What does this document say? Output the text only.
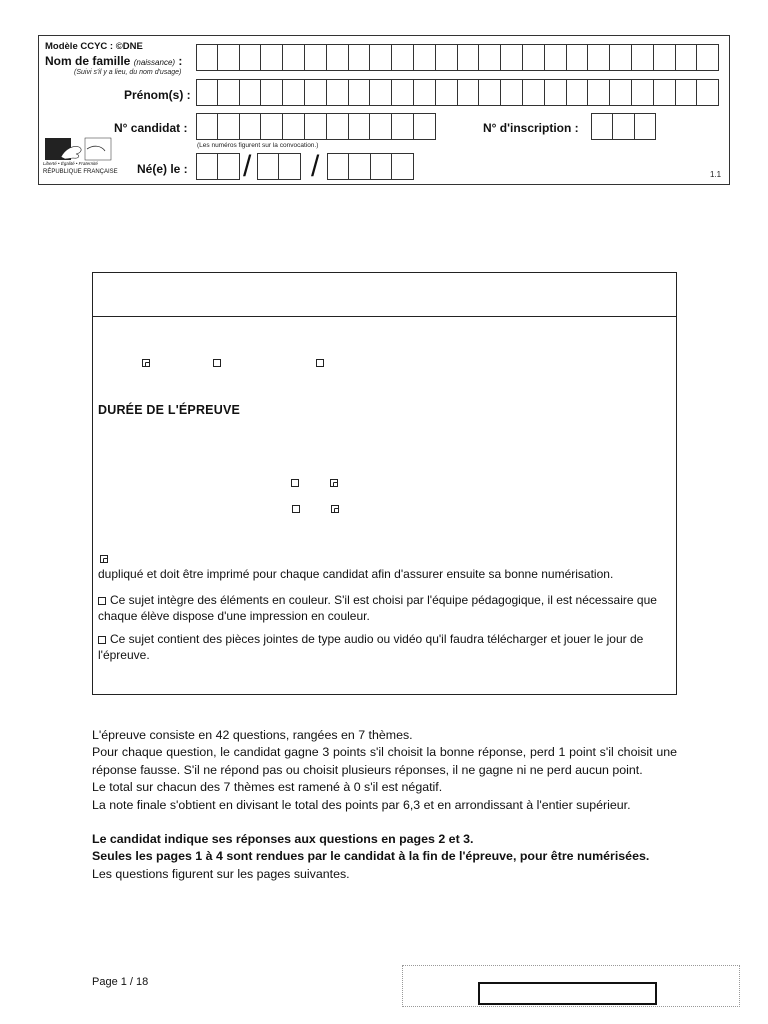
Modèle CCYC : ©DNE
Nom de famille (naissance) :
(Suivi s'il y a lieu, du nom d'usage)
Prénom(s) :
N° candidat :
(Les numéros figurent sur la convocation.)
N° d'inscription :
Né(e) le : / /
Liberté • Égalité • Fraternité
RÉPUBLIQUE FRANÇAISE	1.1
DURÉE DE L'ÉPREUVE
dupliqué et doit être imprimé pour chaque candidat afin d'assurer ensuite sa bonne numérisation.
Ce sujet intègre des éléments en couleur. S'il est choisi par l'équipe pédagogique, il est nécessaire que chaque élève dispose d'une impression en couleur.
Ce sujet contient des pièces jointes de type audio ou vidéo qu'il faudra télécharger et jouer le jour de l'épreuve.

L'épreuve consiste en 42 questions, rangées en 7 thèmes.

Pour chaque question, le candidat gagne 3 points s'il choisit la bonne réponse, perd 1 point s'il choisit une réponse fausse. S'il ne répond pas ou choisit plusieurs réponses, il ne gagne ni ne perd aucun point.

Le total sur chacun des 7 thèmes est ramené à 0 s'il est négatif.

La note finale s'obtient en divisant le total des points par 6,3 et en arrondissant à l'entier supérieur.

Le candidat indique ses réponses aux questions en pages 2 et 3.

Seules les pages 1 à 4 sont rendues par le candidat à la fin de l'épreuve, pour être numérisées.

Les questions figurent sur les pages suivantes.

Page 1 / 18
